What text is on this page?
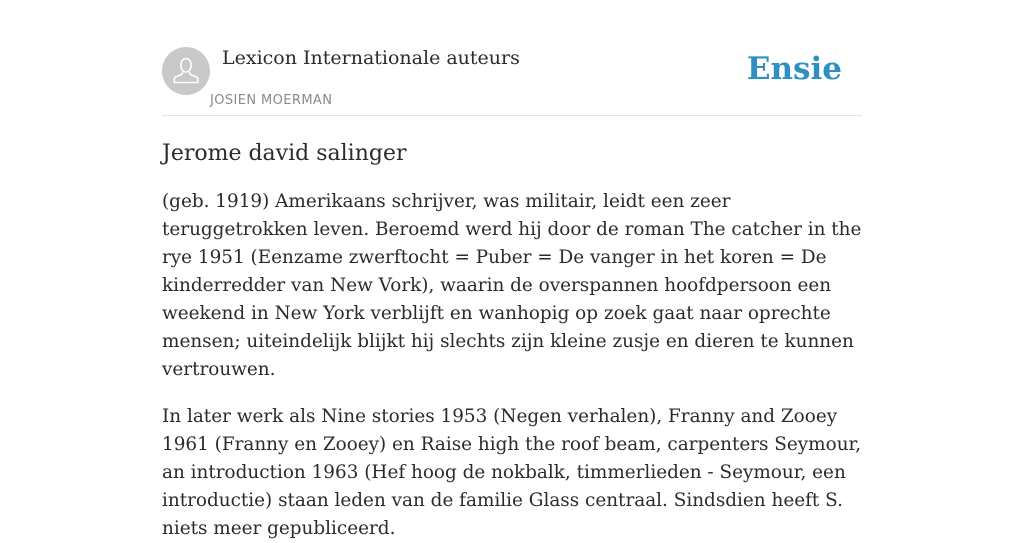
Lexicon Internationale auteurs
JOSIEN MOERMAN
Ensie
Jerome david salinger

(geb. 1919) Amerikaans schrijver, was militair, leidt een zeer teruggetrokken leven. Beroemd werd hij door de roman The catcher in the rye 1951 (Eenzame zwerftocht = Puber = De vanger in het koren = De kinderredder van New Vork), waarin de overspannen hoofdpersoon een weekend in New York verblijft en wanhopig op zoek gaat naar oprechte mensen; uiteindelijk blijkt hij slechts zijn kleine zusje en dieren te kunnen vertrouwen.

In later werk als Nine stories 1953 (Negen verhalen), Franny and Zooey 1961 (Franny en Zooey) en Raise high the roof beam, carpenters Seymour, an introduction 1963 (Hef hoog de nokbalk, timmerlieden - Seymour, een introductie) staan leden van de familie Glass centraal. Sindsdien heeft S. niets meer gepubliceerd.
